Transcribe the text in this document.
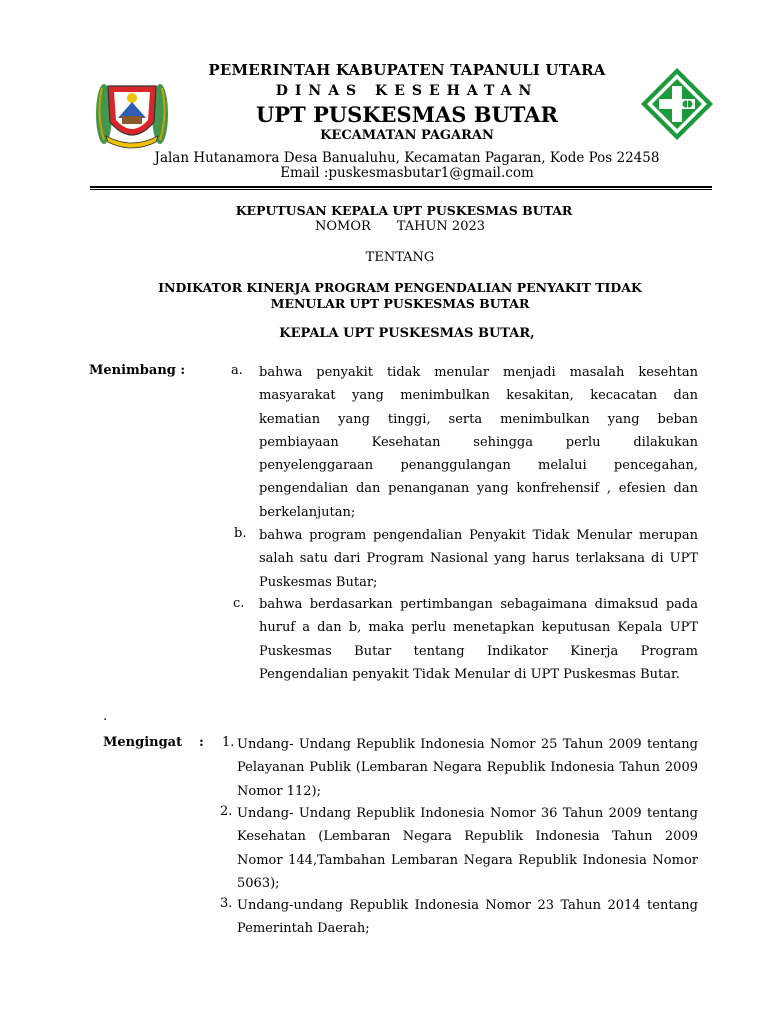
PEMERINTAH KABUPATEN TAPANULI UTARA
DINAS KESEHATAN
UPT PUSKESMAS BUTAR
KECAMATAN PAGARAN
Jalan Hutanamora Desa Banualuhu, Kecamatan Pagaran, Kode Pos 22458
Email :puskesmasbutar1@gmail.com
KEPUTUSAN KEPALA UPT PUSKESMAS BUTAR
NOMOR TAHUN 2023
TENTANG
INDIKATOR KINERJA PROGRAM PENGENDALIAN PENYAKIT TIDAK
MENULAR UPT PUSKESMAS BUTAR
KEPALA UPT PUSKESMAS BUTAR,
Menimbang :	a. bahwa penyakit tidak menular menjadi masalah kesehtan masyarakat yang menimbulkan kesakitan, kecacatan dan kematian yang tinggi, serta menimbulkan yang beban pembiayaan Kesehatan sehingga perlu dilakukan penyelenggaraan penanggulangan melalui pencegahan, pengendalian dan penanganan yang konfrehensif , efesien dan berkelanjutan;
b. bahwa program pengendalian Penyakit Tidak Menular merupan salah satu dari Program Nasional yang harus terlaksana di UPT Puskesmas Butar;
c. bahwa berdasarkan pertimbangan sebagaimana dimaksud pada huruf a dan b, maka perlu menetapkan keputusan Kepala UPT Puskesmas Butar tentang Indikator Kinerja Program Pengendalian penyakit Tidak Menular di UPT Puskesmas Butar.
.
Mengingat : 1. Undang- Undang Republik Indonesia Nomor 25 Tahun 2009 tentang Pelayanan Publik (Lembaran Negara Republik Indonesia Tahun 2009 Nomor 112);
2. Undang- Undang Republik Indonesia Nomor 36 Tahun 2009 tentang Kesehatan (Lembaran Negara Republik Indonesia Tahun 2009 Nomor 144,Tambahan Lembaran Negara Republik Indonesia Nomor 5063);
3. Undang-undang Republik Indonesia Nomor 23 Tahun 2014 tentang Pemerintah Daerah;
